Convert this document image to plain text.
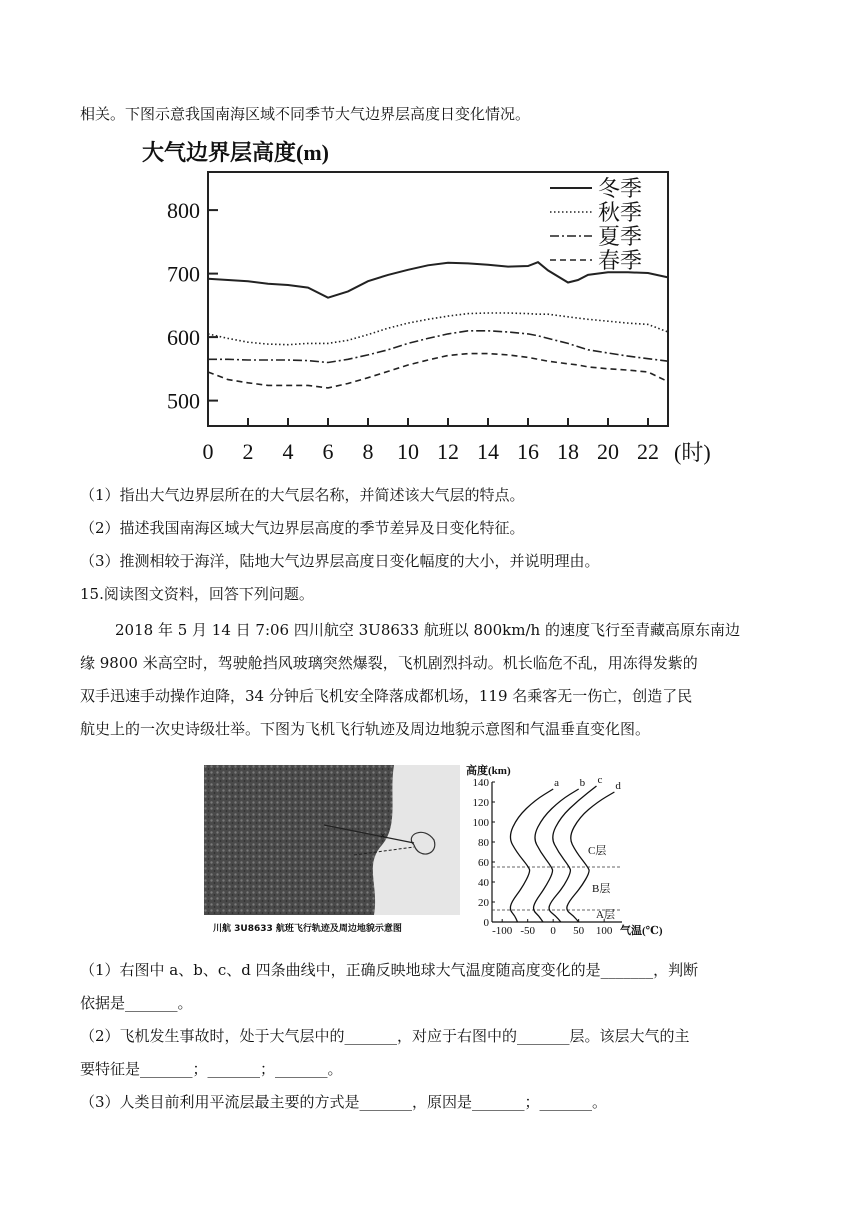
相关。下图示意我国南海区域不同季节大气边界层高度日变化情况。
大气边界层高度(m)
500
600
700
800
0 2 4 6 8 10 12 14 16 18 20 22 (时)
冬季
秋季
夏季
春季
（1）指出大气边界层所在的大气层名称，并简述该大气层的特点。
（2）描述我国南海区域大气边界层高度的季节差异及日变化特征。
（3）推测相较于海洋，陆地大气边界层高度日变化幅度的大小，并说明理由。
15.阅读图文资料，回答下列问题。
2018 年 5 月 14 日 7:06 四川航空 3U8633 航班以 800km/h 的速度飞行至青藏高原东南边
缘 9800 米高空时，驾驶舱挡风玻璃突然爆裂，飞机剧烈抖动。机长临危不乱，用冻得发紫的
双手迅速手动操作迫降，34 分钟后飞机安全降落成都机场，119 名乘客无一伤亡，创造了民
航史上的一次史诗级壮举。下图为飞机飞行轨迹及周边地貌示意图和气温垂直变化图。
×
川航 3U8633 航班飞行轨迹及周边地貌示意图
高度(km)
0
20
40
60
80
100
120
140
-100 -50 0 50 100 气温(℃)
a b c d
C层
B层
A层
（1）右图中 a、b、c、d 四条曲线中，正确反映地球大气温度随高度变化的是_______，判断
依据是_______。
（2）飞机发生事故时，处于大气层中的_______，对应于右图中的_______层。该层大气的主
要特征是_______；_______；_______。
（3）人类目前利用平流层最主要的方式是_______，原因是_______；_______。
